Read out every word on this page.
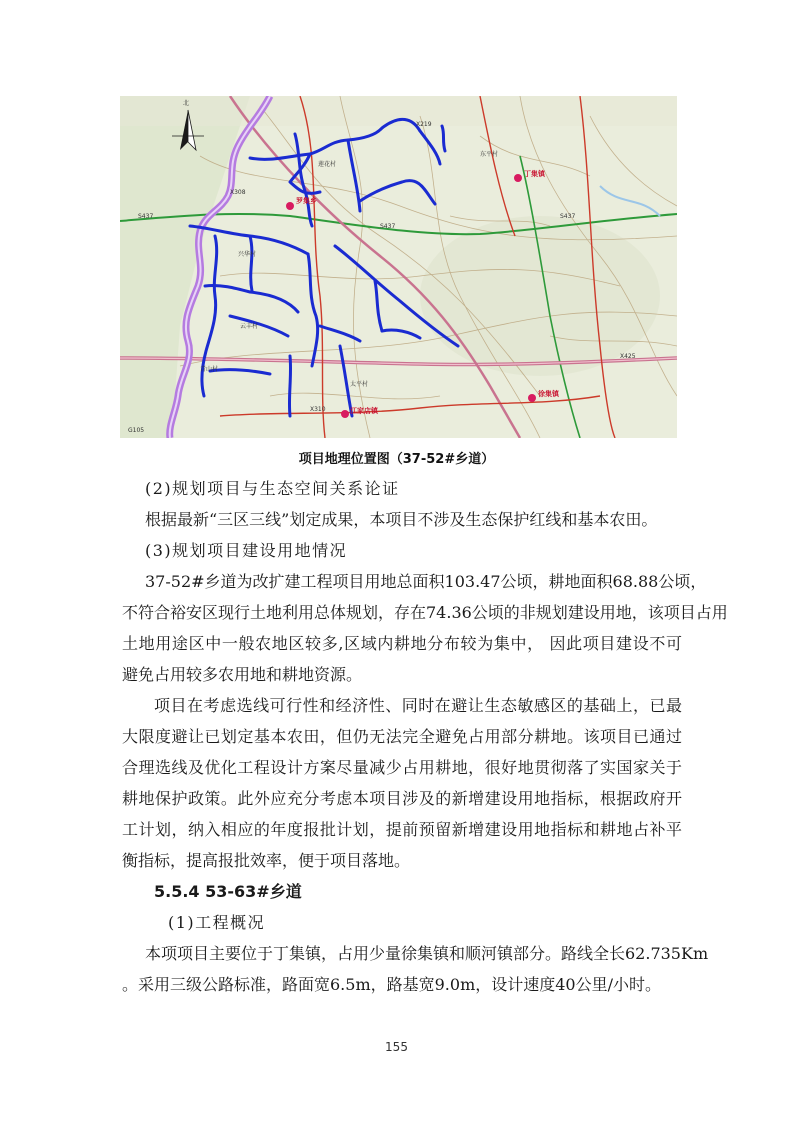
北
罗集乡
丁集镇
徐集镇
江家店镇
S437
S437
S437
X308
X310
X425
G105
X219
莲花村
兴华村
云丰村
青山村
东平村
太平村
项目地理位置图（37-52#乡道）
(2)规划项目与生态空间关系论证
根据最新“三区三线”划定成果，本项目不涉及生态保护红线和基本农田。
(3)规划项目建设用地情况
37-52#乡道为改扩建工程项目用地总面积103.47公顷，耕地面积68.88公顷，
不符合裕安区现行土地利用总体规划，存在74.36公顷的非规划建设用地，该项目占用
土地用途区中一般农地区较多,区域内耕地分布较为集中， 因此项目建设不可
避免占用较多农用地和耕地资源。
项目在考虑选线可行性和经济性、同时在避让生态敏感区的基础上，已最
大限度避让已划定基本农田，但仍无法完全避免占用部分耕地。该项目已通过
合理选线及优化工程设计方案尽量减少占用耕地，很好地贯彻落了实国家关于
耕地保护政策。此外应充分考虑本项目涉及的新增建设用地指标，根据政府开
工计划，纳入相应的年度报批计划，提前预留新增建设用地指标和耕地占补平
衡指标，提高报批效率，便于项目落地。
5.5.4 53-63#乡道
(1)工程概况
本项项目主要位于丁集镇，占用少量徐集镇和顺河镇部分。路线全长62.735Km
。采用三级公路标准，路面宽6.5m，路基宽9.0m，设计速度40公里/小时。
155
